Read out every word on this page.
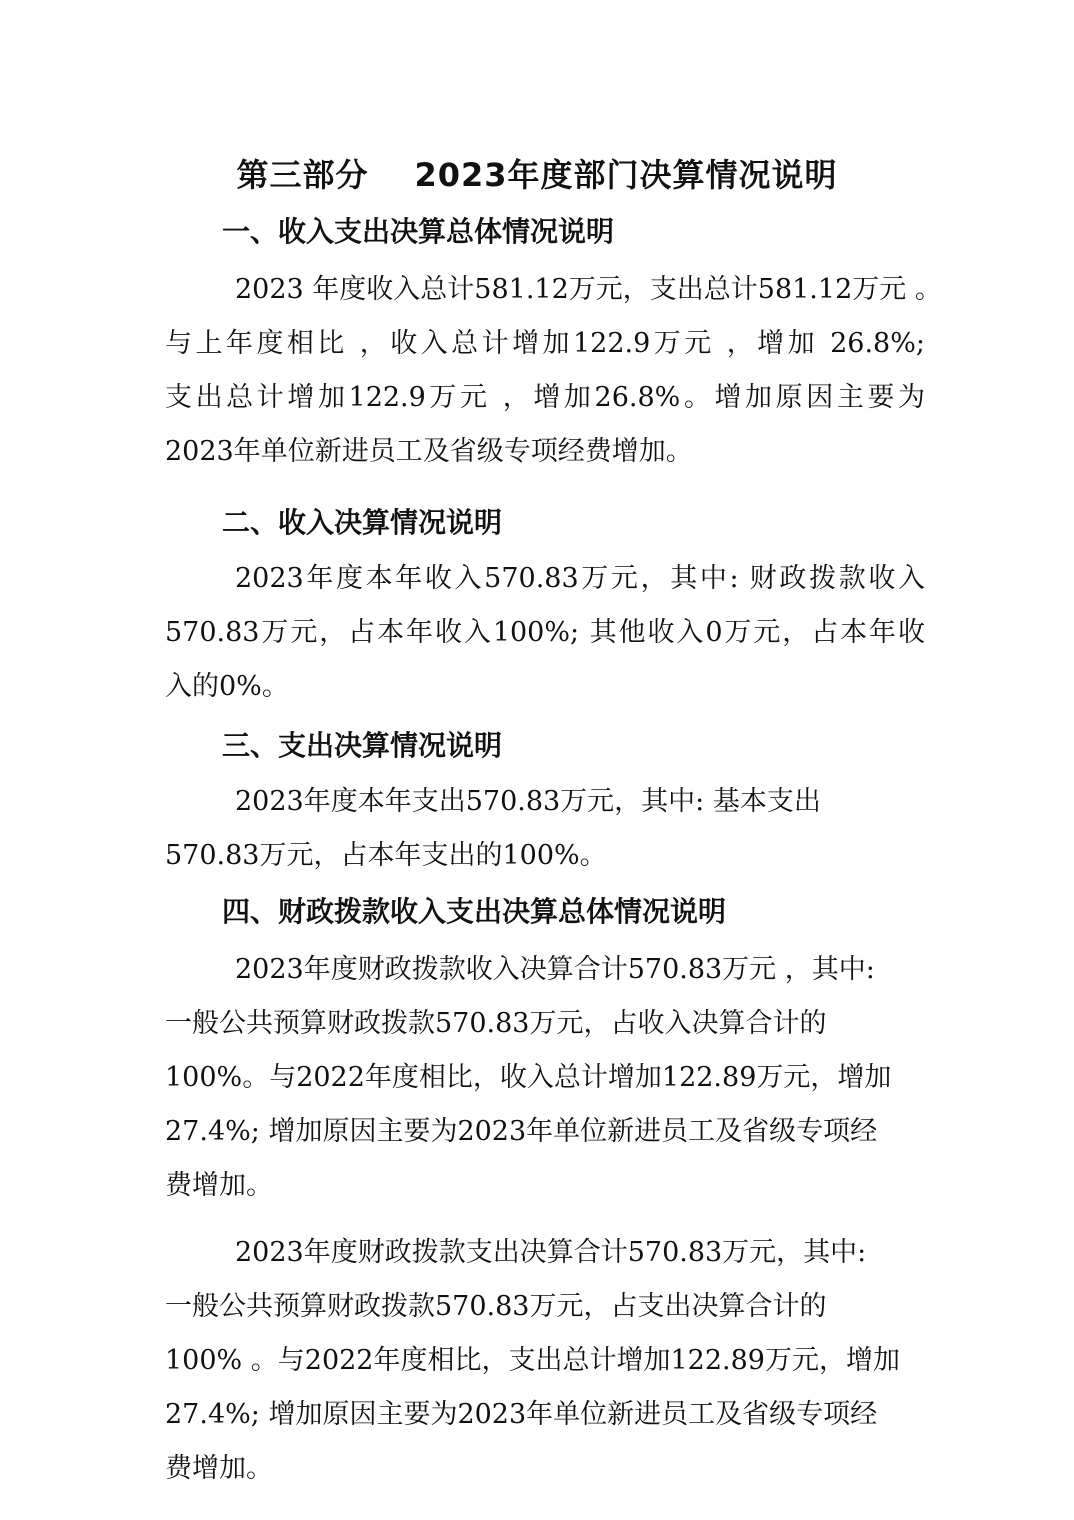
第三部分 2023年度部门决算情况说明
一、收入支出决算总体情况说明
2023 年度收入总计581.12万元，支出总计581.12万元 。
与上年度相比 ，收入总计增加122.9万元 ，增加 26.8%;
支出总计增加122.9万元 ，增加26.8%。增加原因主要为
2023年单位新进员工及省级专项经费增加。
二、收入决算情况说明
2023年度本年收入570.83万元，其中: 财政拨款收入
570.83万元，占本年收入100%; 其他收入0万元，占本年收
入的0%。
三、支出决算情况说明
2023年度本年支出570.83万元，其中: 基本支出
570.83万元，占本年支出的100%。
四、财政拨款收入支出决算总体情况说明
2023年度财政拨款收入决算合计570.83万元 ，其中:
一般公共预算财政拨款570.83万元，占收入决算合计的
100%。与2022年度相比，收入总计增加122.89万元，增加
27.4%; 增加原因主要为2023年单位新进员工及省级专项经
费增加。
2023年度财政拨款支出决算合计570.83万元，其中:
一般公共预算财政拨款570.83万元，占支出决算合计的
100% 。与2022年度相比，支出总计增加122.89万元，增加
27.4%; 增加原因主要为2023年单位新进员工及省级专项经
费增加。
